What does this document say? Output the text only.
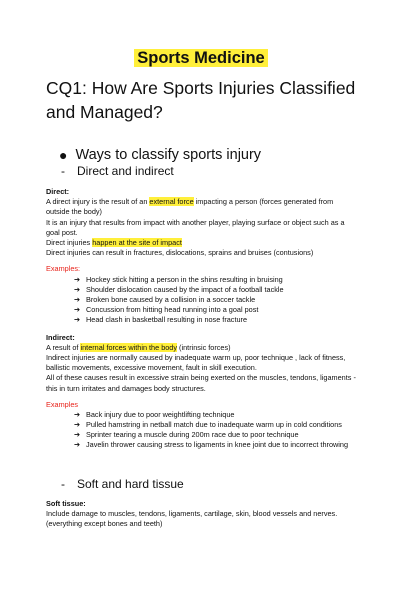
Sports Medicine
CQ1: How Are Sports Injuries Classified and Managed?
● Ways to classify sports injury
- Direct and indirect
Direct:
A direct injury is the result of an external force impacting a person (forces generated from outside the body)
It is an injury that results from impact with another player, playing surface or object such as a goal post.
Direct injuries happen at the site of impact
Direct injuries can result in fractures, dislocations, sprains and bruises (contusions)
Examples:
➔ Hockey stick hitting a person in the shins resulting in bruising
➔ Shoulder dislocation caused by the impact of a football tackle
➔ Broken bone caused by a collision in a soccer tackle
➔ Concussion from hitting head running into a goal post
➔ Head clash in basketball resulting in nose fracture
Indirect:
A result of internal forces within the body (intrinsic forces)
Indirect injuries are normally caused by inadequate warm up, poor technique , lack of fitness, ballistic movements, excessive movement, fault in skill execution.
All of these causes result in excessive strain being exerted on the muscles, tendons, ligaments - this in turn irritates and damages body structures.
Examples
➔ Back injury due to poor weightlifting technique
➔ Pulled hamstring in netball match due to inadequate warm up in cold conditions
➔ Sprinter tearing a muscle during 200m race due to poor technique
➔ Javelin thrower causing stress to ligaments in knee joint due to incorrect throwing
- Soft and hard tissue
Soft tissue:
Include damage to muscles, tendons, ligaments, cartilage, skin, blood vessels and nerves. (everything except bones and teeth)
